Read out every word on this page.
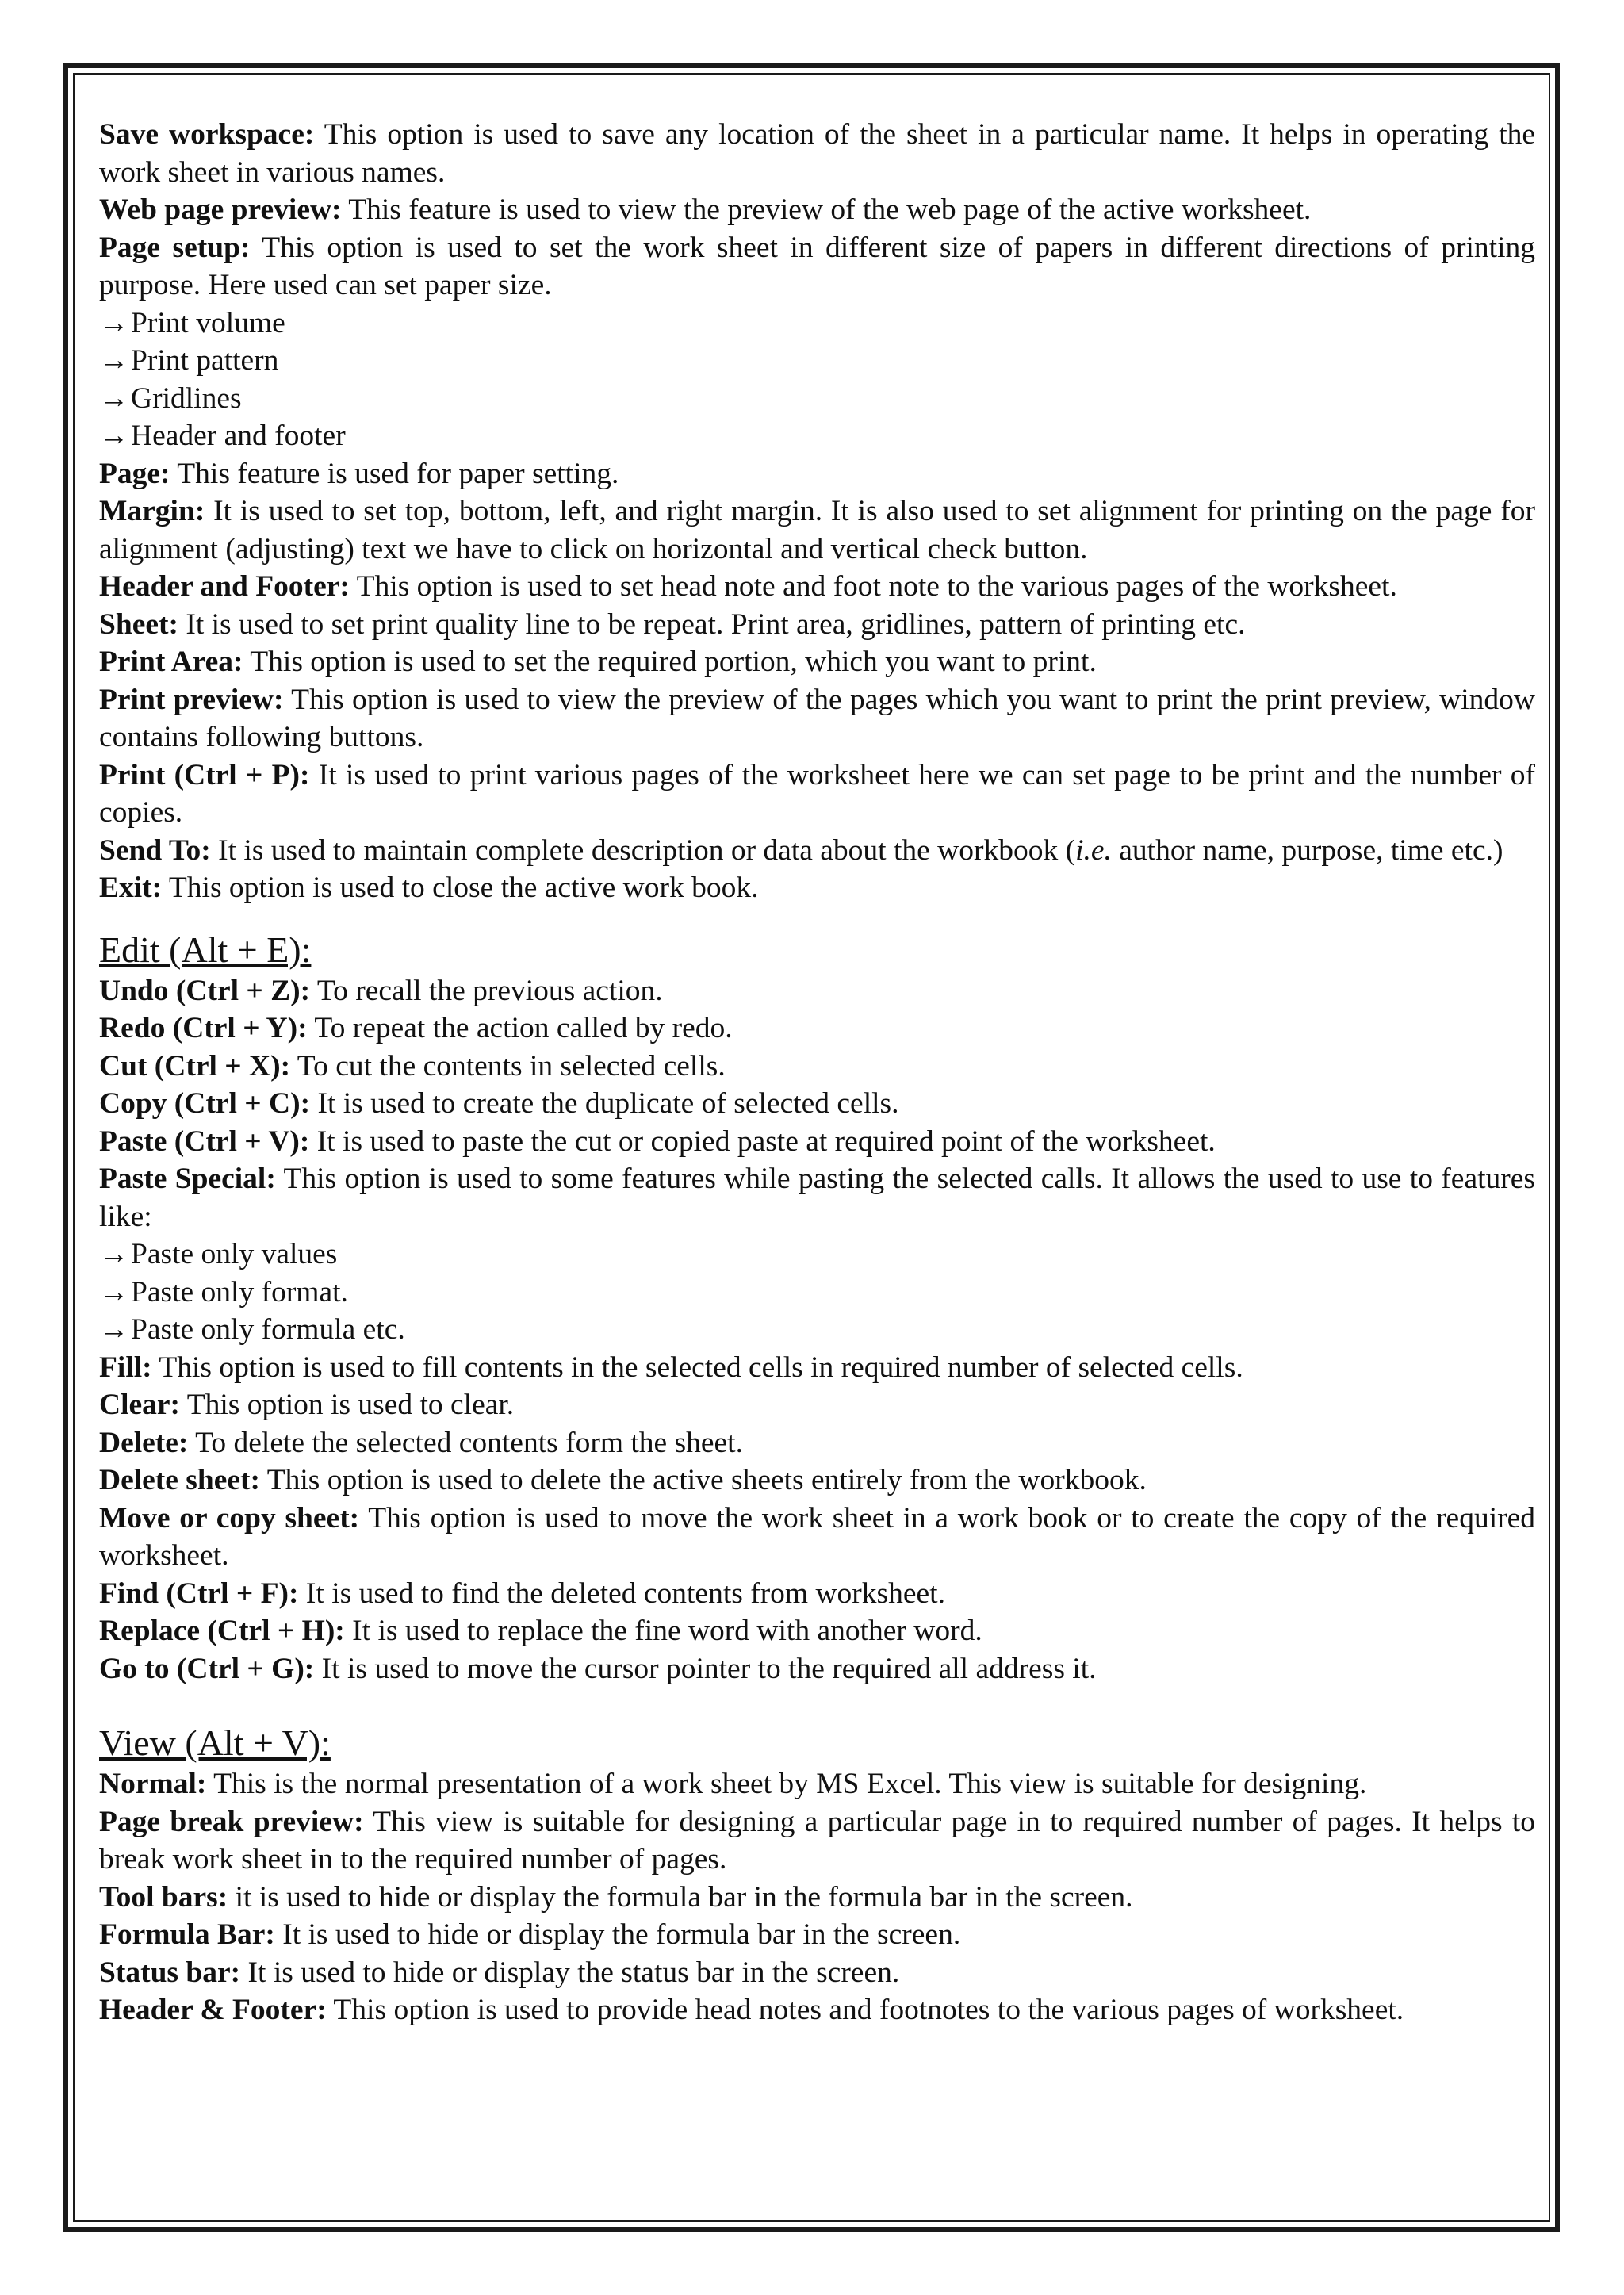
Save workspace: This option is used to save any location of the sheet in a particular name. It helps in operating the work sheet in various names.

Web page preview: This feature is used to view the preview of the web page of the active worksheet.

Page setup: This option is used to set the work sheet in different size of papers in different directions of printing purpose. Here used can set paper size.

→Print volume

→Print pattern

→Gridlines

→Header and footer

Page: This feature is used for paper setting.

Margin: It is used to set top, bottom, left, and right margin. It is also used to set alignment for printing on the page for alignment (adjusting) text we have to click on horizontal and vertical check button.

Header and Footer: This option is used to set head note and foot note to the various pages of the worksheet.

Sheet: It is used to set print quality line to be repeat. Print area, gridlines, pattern of printing etc.

Print Area: This option is used to set the required portion, which you want to print.

Print preview: This option is used to view the preview of the pages which you want to print the print preview, window contains following buttons.

Print (Ctrl + P): It is used to print various pages of the worksheet here we can set page to be print and the number of copies.

Send To: It is used to maintain complete description or data about the workbook (i.e. author name, purpose, time etc.)

Exit: This option is used to close the active work book.

Edit (Alt + E):

Undo (Ctrl + Z): To recall the previous action.

Redo (Ctrl + Y): To repeat the action called by redo.

Cut (Ctrl + X): To cut the contents in selected cells.

Copy (Ctrl + C): It is used to create the duplicate of selected cells.

Paste (Ctrl + V): It is used to paste the cut or copied paste at required point of the worksheet.

Paste Special: This option is used to some features while pasting the selected calls. It allows the used to use to features like:

→Paste only values

→Paste only format.

→Paste only formula etc.

Fill: This option is used to fill contents in the selected cells in required number of selected cells.

Clear: This option is used to clear.

Delete: To delete the selected contents form the sheet.

Delete sheet: This option is used to delete the active sheets entirely from the workbook.

Move or copy sheet: This option is used to move the work sheet in a work book or to create the copy of the required worksheet.

Find (Ctrl + F): It is used to find the deleted contents from worksheet.

Replace (Ctrl + H): It is used to replace the fine word with another word.

Go to (Ctrl + G): It is used to move the cursor pointer to the required all address it.

View (Alt + V):

Normal: This is the normal presentation of a work sheet by MS Excel. This view is suitable for designing.

Page break preview: This view is suitable for designing a particular page in to required number of pages. It helps to break work sheet in to the required number of pages.

Tool bars: it is used to hide or display the formula bar in the formula bar in the screen.

Formula Bar: It is used to hide or display the formula bar in the screen.

Status bar: It is used to hide or display the status bar in the screen.

Header & Footer: This option is used to provide head notes and footnotes to the various pages of worksheet.
